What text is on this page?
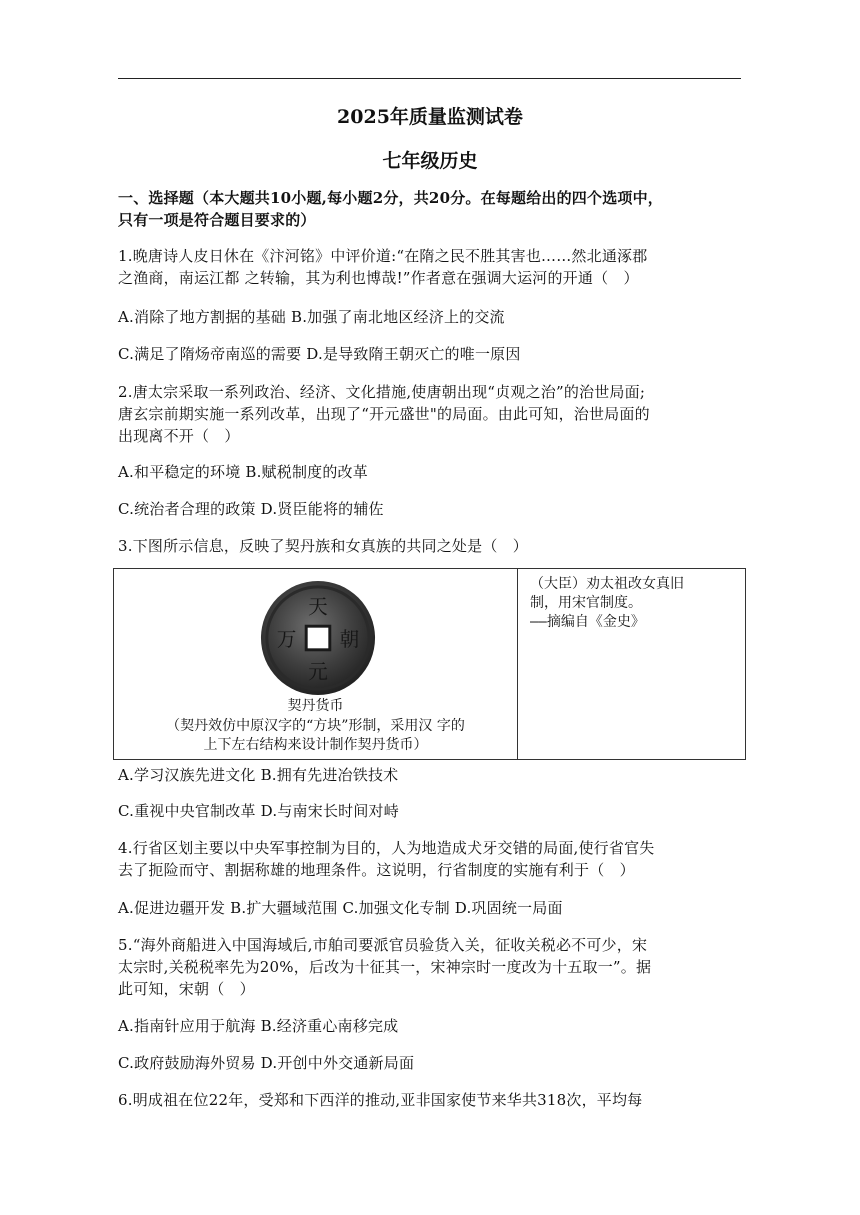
2025年质量监测试卷
七年级历史
一、选择题（本大题共10小题,每小题2分，共20分。在每题给出的四个选项中，
只有一项是符合题目要求的）
1.晚唐诗人皮日休在《汴河铭》中评价道:“在隋之民不胜其害也……然北通涿郡
之渔商，南运江都 之转输，其为利也博哉!”作者意在强调大运河的开通（　）
A.消除了地方割据的基础 B.加强了南北地区经济上的交流
C.满足了隋炀帝南巡的需要 D.是导致隋王朝灭亡的唯一原因
2.唐太宗采取一系列政治、经济、文化措施,使唐朝出现“贞观之治”的治世局面;
唐玄宗前期实施一系列改革，出现了“开元盛世"的局面。由此可知，治世局面的
出现离不开（　）
A.和平稳定的环境 B.赋税制度的改革
C.统治者合理的政策 D.贤臣能将的辅佐
3.下图所示信息，反映了契丹族和女真族的共同之处是（　）
天
元
万 朝
契丹货币
（契丹效仿中原汉字的“方块”形制，采用汉 字的
上下左右结构来设计制作契丹货币）
（大臣）劝太祖改女真旧
制，用宋官制度。
——摘编自《金史》
A.学习汉族先进文化 B.拥有先进冶铁技术
C.重视中央官制改革 D.与南宋长时间对峙
4.行省区划主要以中央军事控制为目的，人为地造成犬牙交错的局面,使行省官失
去了扼险而守、割据称雄的地理条件。这说明，行省制度的实施有利于（　）
A.促进边疆开发 B.扩大疆域范围 C.加强文化专制 D.巩固统一局面
5.“海外商船进入中国海域后,市舶司要派官员验货入关，征收关税必不可少，宋
太宗时,关税税率先为20%，后改为十征其一，宋神宗时一度改为十五取一”。据
此可知，宋朝（　）
A.指南针应用于航海 B.经济重心南移完成
C.政府鼓励海外贸易 D.开创中外交通新局面
6.明成祖在位22年，受郑和下西洋的推动,亚非国家使节来华共318次，平均每
